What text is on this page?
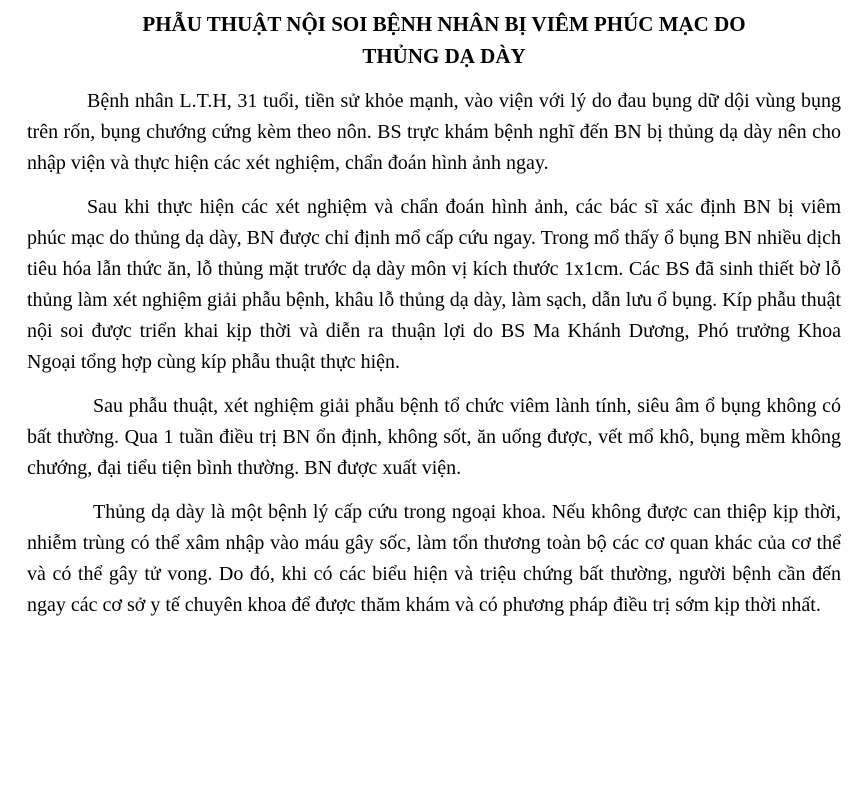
PHẪU THUẬT NỘI SOI BỆNH NHÂN BỊ VIÊM PHÚC MẠC DO
THỦNG DẠ DÀY

Bệnh nhân L.T.H, 31 tuổi, tiền sử khỏe mạnh, vào viện với lý do đau bụng dữ dội vùng bụng trên rốn, bụng chướng cứng kèm theo nôn. BS trực khám bệnh nghĩ đến BN bị thủng dạ dày nên cho nhập viện và thực hiện các xét nghiệm, chẩn đoán hình ảnh ngay.

Sau khi thực hiện các xét nghiệm và chẩn đoán hình ảnh, các bác sĩ xác định BN bị viêm phúc mạc do thủng dạ dày, BN được chỉ định mổ cấp cứu ngay. Trong mổ thấy ổ bụng BN nhiều dịch tiêu hóa lẫn thức ăn, lỗ thủng mặt trước dạ dày môn vị kích thước 1x1cm. Các BS đã sinh thiết bờ lỗ thủng làm xét nghiệm giải phẫu bệnh, khâu lỗ thủng dạ dày, làm sạch, dẫn lưu ổ bụng. Kíp phẫu thuật nội soi được triển khai kịp thời và diễn ra thuận lợi do BS Ma Khánh Dương, Phó trưởng Khoa Ngoại tổng hợp cùng kíp phẫu thuật thực hiện.

Sau phẫu thuật, xét nghiệm giải phẫu bệnh tổ chức viêm lành tính, siêu âm ổ bụng không có bất thường. Qua 1 tuần điều trị BN ổn định, không sốt, ăn uống được, vết mổ khô, bụng mềm không chướng, đại tiểu tiện bình thường. BN được xuất viện.

Thủng dạ dày là một bệnh lý cấp cứu trong ngoại khoa. Nếu không được can thiệp kịp thời, nhiễm trùng có thể xâm nhập vào máu gây sốc, làm tổn thương toàn bộ các cơ quan khác của cơ thể và có thể gây tử vong. Do đó, khi có các biểu hiện và triệu chứng bất thường, người bệnh cần đến ngay các cơ sở y tế chuyên khoa để được thăm khám và có phương pháp điều trị sớm kịp thời nhất.
